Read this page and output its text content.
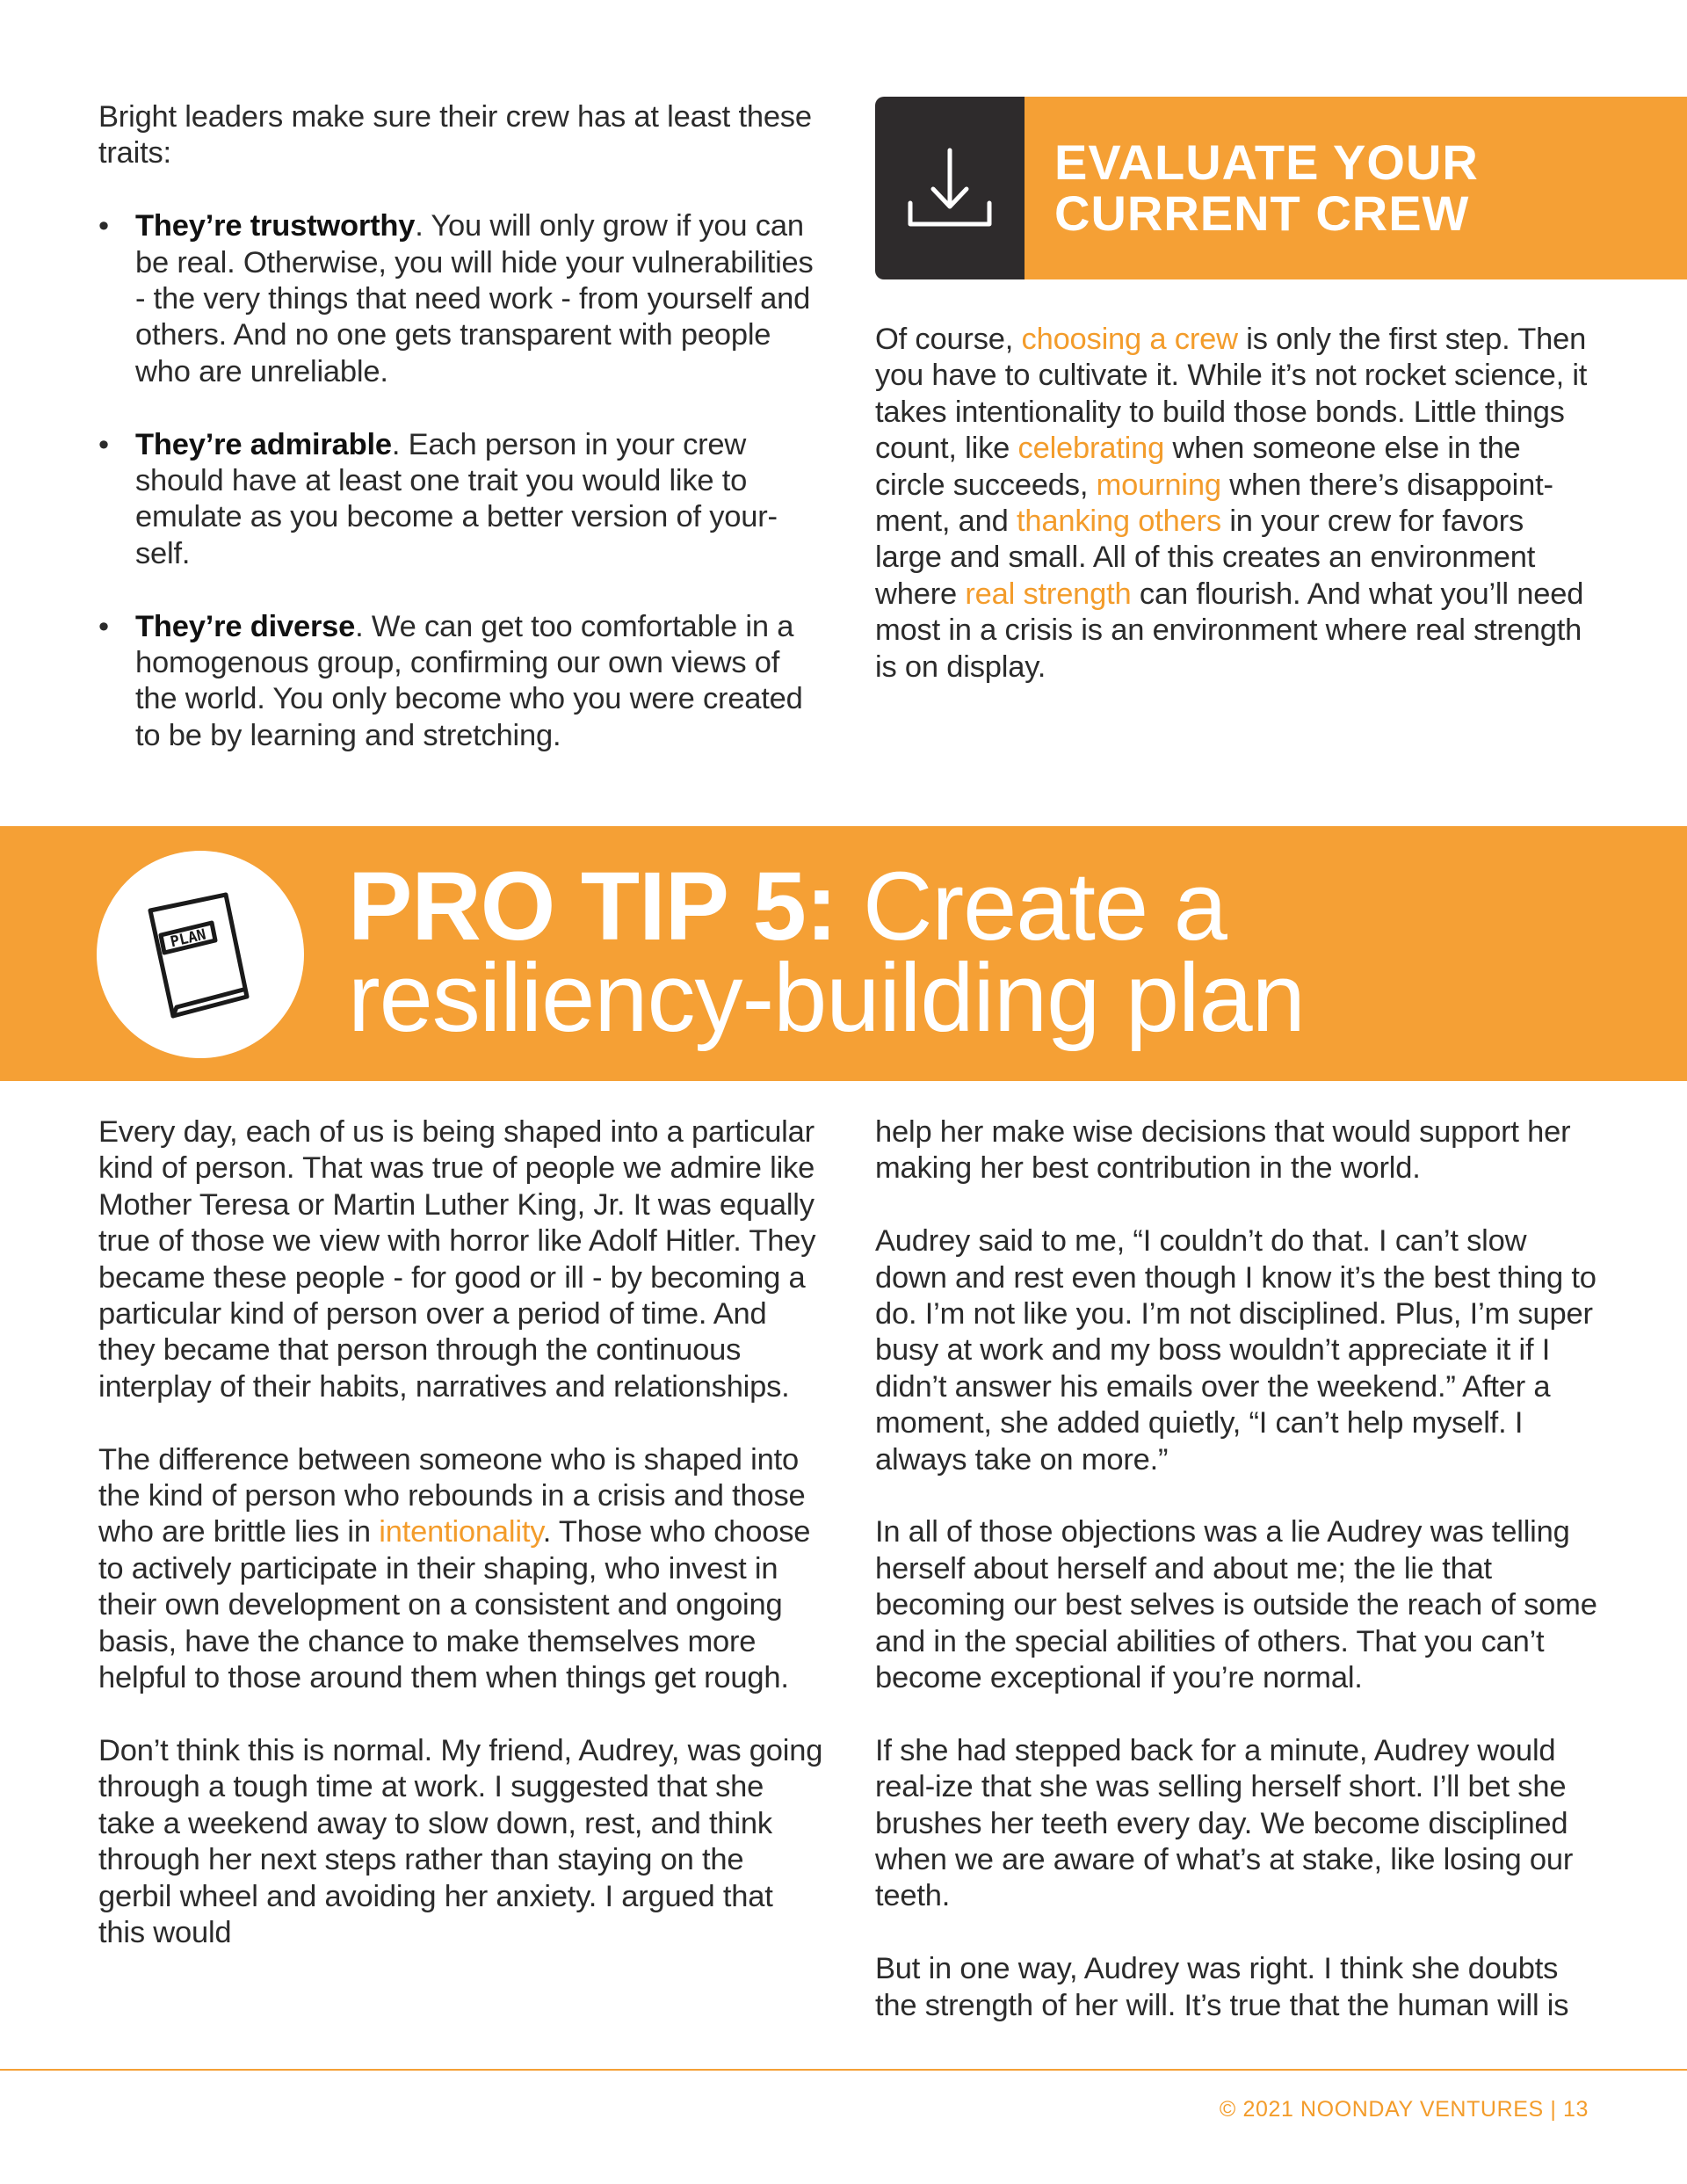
Bright leaders make sure their crew has at least these traits:

• They’re trustworthy. You will only grow if you can be real. Otherwise, you will hide your vulnerabilities - the very things that need work - from yourself and others. And no one gets transparent with people who are unreliable.
• They’re admirable. Each person in your crew should have at least one trait you would like to emulate as you become a better version of your-self.
• They’re diverse. We can get too comfortable in a homogenous group, confirming our own views of the world. You only become who you were created to be by learning and stretching.
EVALUATE YOUR
CURRENT CREW

Of course, choosing a crew is only the first step. Then you have to cultivate it. While it’s not rocket science, it takes intentionality to build those bonds. Little things count, like celebrating when someone else in the circle succeeds, mourning when there’s disappoint-ment, and thanking others in your crew for favors large and small. All of this creates an environment where real strength can flourish. And what you’ll need most in a crisis is an environment where real strength is on display.

PLAN PRO TIP 5: Create a
resiliency-building plan

Every day, each of us is being shaped into a particular kind of person. That was true of people we admire like Mother Teresa or Martin Luther King, Jr. It was equally true of those we view with horror like Adolf Hitler. They became these people - for good or ill - by becoming a particular kind of person over a period of time. And they became that person through the continuous interplay of their habits, narratives and relationships.

The difference between someone who is shaped into the kind of person who rebounds in a crisis and those who are brittle lies in intentionality. Those who choose to actively participate in their shaping, who invest in their own development on a consistent and ongoing basis, have the chance to make themselves more helpful to those around them when things get rough.

Don’t think this is normal. My friend, Audrey, was going through a tough time at work. I suggested that she take a weekend away to slow down, rest, and think through her next steps rather than staying on the gerbil wheel and avoiding her anxiety. I argued that this would

help her make wise decisions that would support her making her best contribution in the world.

Audrey said to me, “I couldn’t do that. I can’t slow down and rest even though I know it’s the best thing to do. I’m not like you. I’m not disciplined. Plus, I’m super busy at work and my boss wouldn’t appreciate it if I didn’t answer his emails over the weekend.” After a moment, she added quietly, “I can’t help myself. I always take on more.”

In all of those objections was a lie Audrey was telling herself about herself and about me; the lie that becoming our best selves is outside the reach of some and in the special abilities of others. That you can’t become exceptional if you’re normal.

If she had stepped back for a minute, Audrey would real-ize that she was selling herself short. I’ll bet she brushes her teeth every day. We become disciplined when we are aware of what’s at stake, like losing our teeth.

But in one way, Audrey was right. I think she doubts the strength of her will. It’s true that the human will is

© 2021 NOONDAY VENTURES | 13
